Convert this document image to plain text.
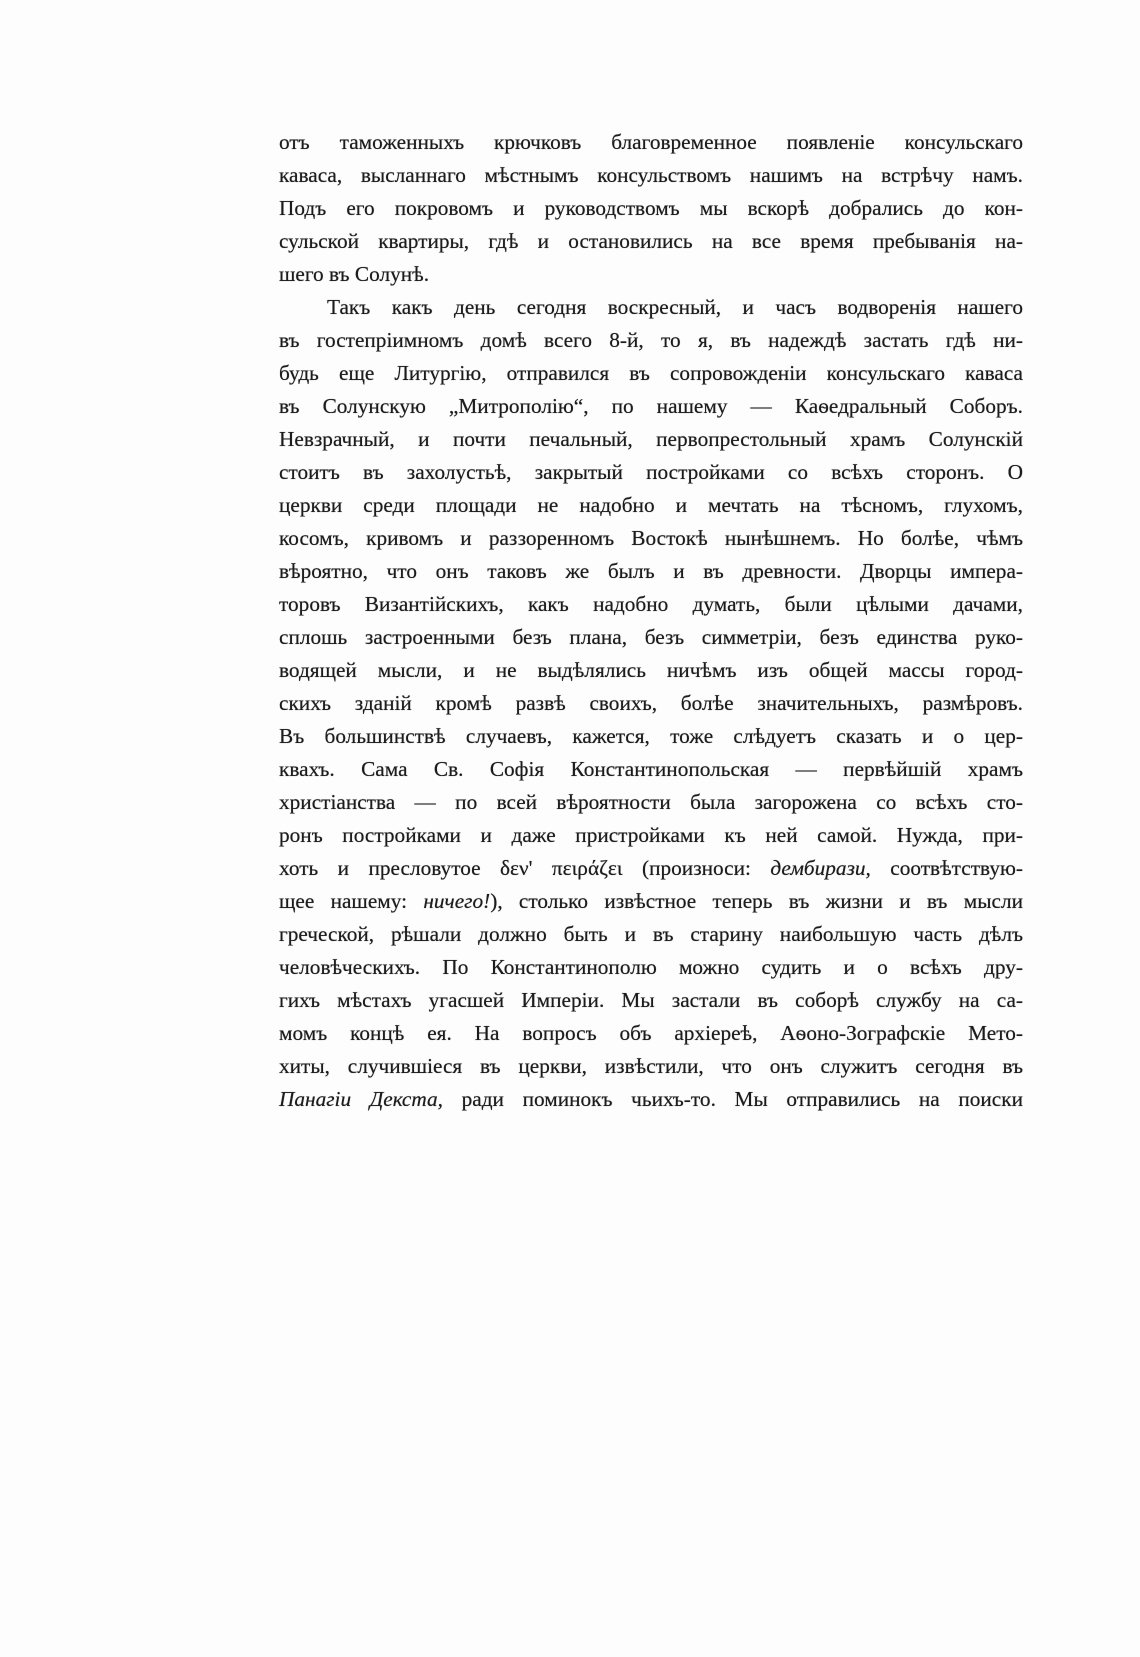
отъ таможенныхъ крючковъ благовременное появленіе консульскаго
каваса, высланнаго мѣстнымъ консульствомъ нашимъ на встрѣчу намъ.
Подъ его покровомъ и руководствомъ мы вскорѣ добрались до кон-
сульской квартиры, гдѣ и остановились на все время пребыванія на-
шего въ Солунѣ.
Такъ какъ день сегодня воскресный, и часъ водворенія нашего
въ гостепріимномъ домѣ всего 8-й, то я, въ надеждѣ застать гдѣ ни-
будь еще Литургію, отправился въ сопровожденіи консульскаго каваса
въ Солунскую „Митрополію“, по нашему — Каѳедральный Соборъ.
Невзрачный, и почти печальный, первопрестольный храмъ Солунскій
стоитъ въ захолустьѣ, закрытый постройками со всѣхъ сторонъ. О
церкви среди площади не надобно и мечтать на тѣсномъ, глухомъ,
косомъ, кривомъ и раззоренномъ Востокѣ нынѣшнемъ. Но болѣе, чѣмъ
вѣроятно, что онъ таковъ же былъ и въ древности. Дворцы импера-
торовъ Византійскихъ, какъ надобно думать, были цѣлыми дачами,
сплошь застроенными безъ плана, безъ симметріи, безъ единства руко-
водящей мысли, и не выдѣлялись ничѣмъ изъ общей массы город-
скихъ зданій кромѣ развѣ своихъ, болѣе значительныхъ, размѣровъ.
Въ большинствѣ случаевъ, кажется, тоже слѣдуетъ сказать и о цер-
квахъ. Сама Св. Софія Константинопольская — первѣйшій храмъ
христіанства — по всей вѣроятности была загорожена со всѣхъ сто-
ронъ постройками и даже пристройками къ ней самой. Нужда, при-
хоть и пресловутое δεν' πειράζει (произноси: дембирази, соотвѣтствую-
щее нашему: ничего!), столько извѣстное теперь въ жизни и въ мысли
греческой, рѣшали должно быть и въ старину наибольшую часть дѣлъ
человѣческихъ. По Константинополю можно судить и о всѣхъ дру-
гихъ мѣстахъ угасшей Имперіи. Мы застали въ соборѣ службу на са-
момъ концѣ ея. На вопросъ объ архіереѣ, Аѳоно-Зографскіе Мето-
хиты, случившіеся въ церкви, извѣстили, что онъ служитъ сегодня въ
Панагіи Декста, ради поминокъ чьихъ-то. Мы отправились на поиски
